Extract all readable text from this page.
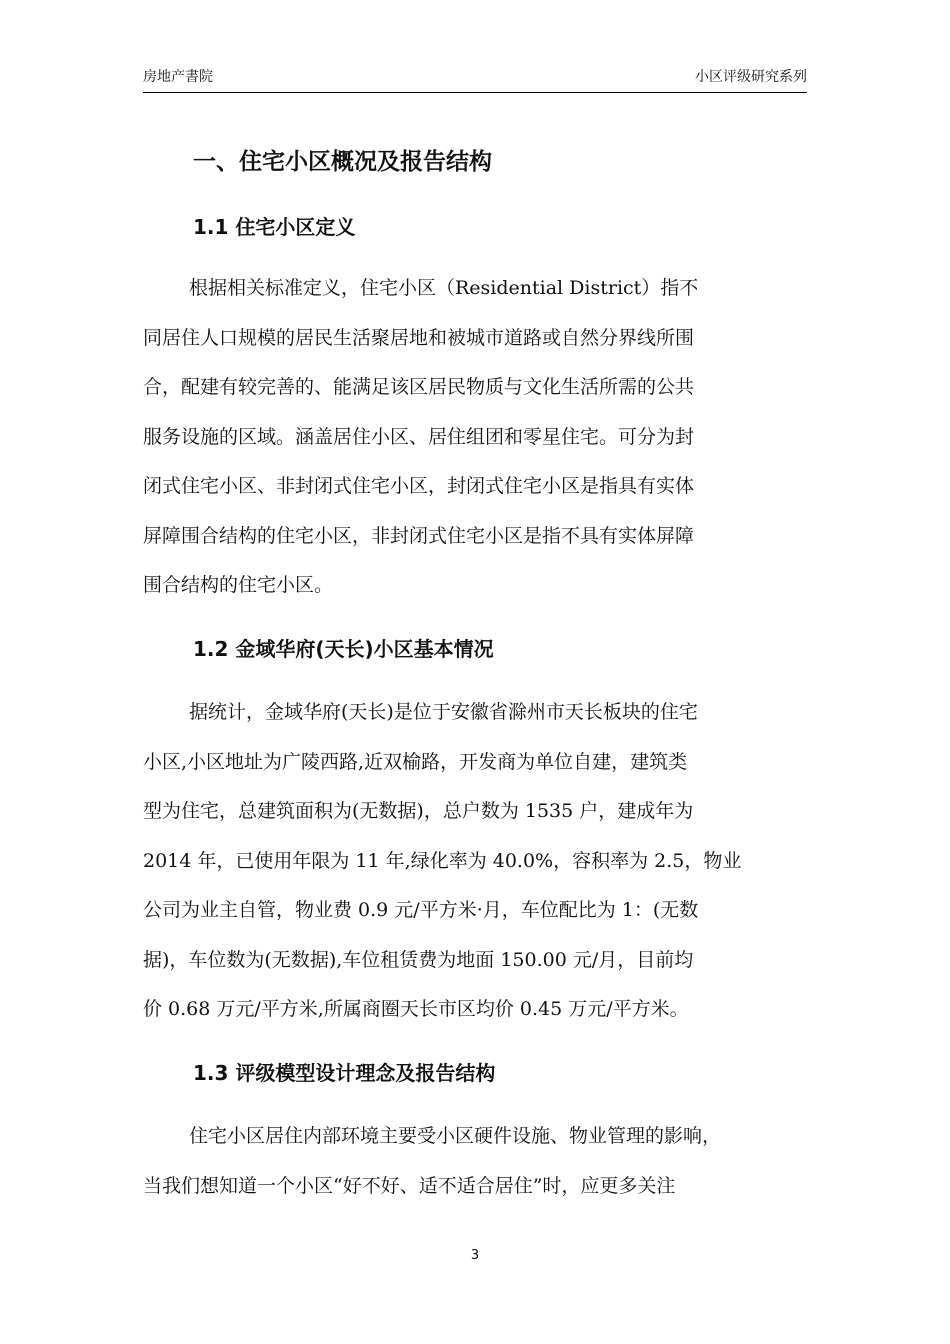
房地产書院	小区评级研究系列
一、住宅小区概况及报告结构
1.1 住宅小区定义
根据相关标准定义，住宅小区（Residential District）指不
同居住人口规模的居民生活聚居地和被城市道路或自然分界线所围
合，配建有较完善的、能满足该区居民物质与文化生活所需的公共
服务设施的区域。涵盖居住小区、居住组团和零星住宅。可分为封
闭式住宅小区、非封闭式住宅小区，封闭式住宅小区是指具有实体
屏障围合结构的住宅小区，非封闭式住宅小区是指不具有实体屏障
围合结构的住宅小区。
1.2 金域华府(天长)小区基本情况
据统计，金域华府(天长)是位于安徽省滁州市天长板块的住宅
小区,小区地址为广陵西路,近双榆路，开发商为单位自建，建筑类
型为住宅，总建筑面积为(无数据)，总户数为 1535 户，建成年为
2014 年，已使用年限为 11 年,绿化率为 40.0%，容积率为 2.5，物业
公司为业主自管，物业费 0.9 元/平方米·月，车位配比为 1：(无数
据)，车位数为(无数据),车位租赁费为地面 150.00 元/月，目前均
价 0.68 万元/平方米,所属商圈天长市区均价 0.45 万元/平方米。
1.3 评级模型设计理念及报告结构
住宅小区居住内部环境主要受小区硬件设施、物业管理的影响，
当我们想知道一个小区“好不好、适不适合居住”时，应更多关注
3
